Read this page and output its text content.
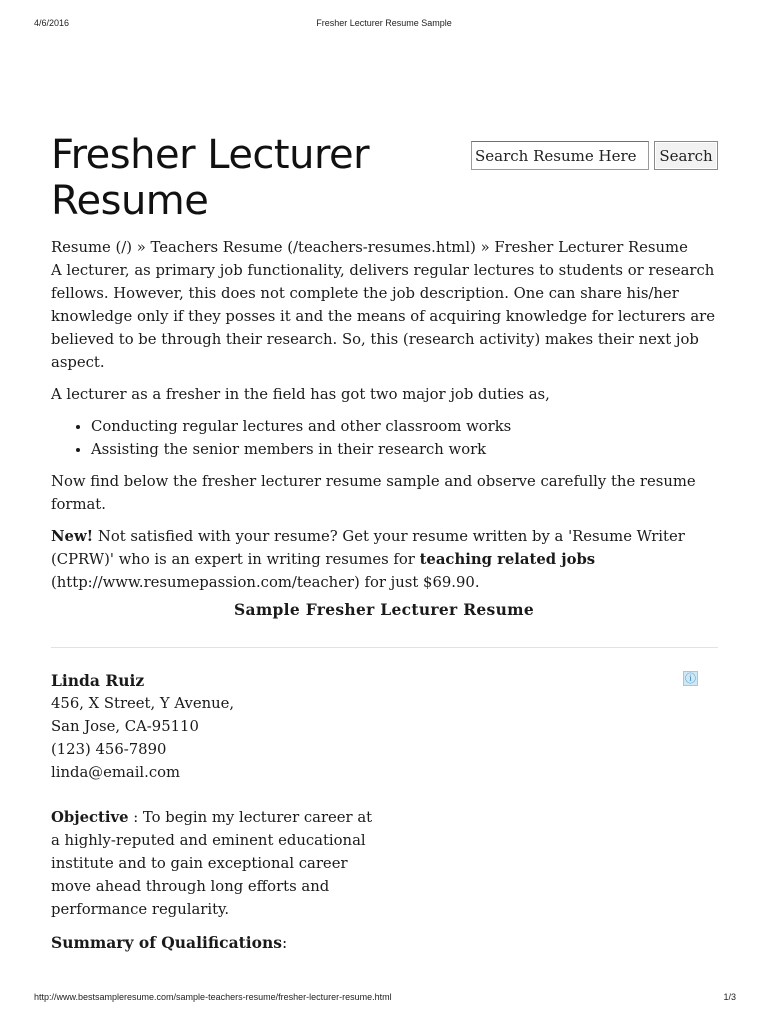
4/6/2016	Fresher Lecturer Resume Sample
Fresher Lecturer Resume
Search Resume Here
Search
Resume (/) » Teachers Resume (/teachers-resumes.html) » Fresher Lecturer Resume

A lecturer, as primary job functionality, delivers regular lectures to students or research fellows. However, this does not complete the job description. One can share his/her knowledge only if they posses it and the means of acquiring knowledge for lecturers are believed to be through their research. So, this (research activity) makes their next job aspect.

A lecturer as a fresher in the field has got two major job duties as,

• Conducting regular lectures and other classroom works
• Assisting the senior members in their research work

Now find below the fresher lecturer resume sample and observe carefully the resume format.

New! Not satisfied with your resume? Get your resume written by a 'Resume Writer (CPRW)' who is an expert in writing resumes for teaching related jobs (http://www.resumepassion.com/teacher) for just $69.90.

Sample Fresher Lecturer Resume
ⓘ
Linda Ruiz
456, X Street, Y Avenue,
San Jose, CA-95110
(123) 456-7890
linda@email.com
Objective : To begin my lecturer career at a highly-reputed and eminent educational institute and to gain exceptional career move ahead through long efforts and performance regularity.
Summary of Qualifications:
http://www.bestsampleresume.com/sample-teachers-resume/fresher-lecturer-resume.html	1/3
